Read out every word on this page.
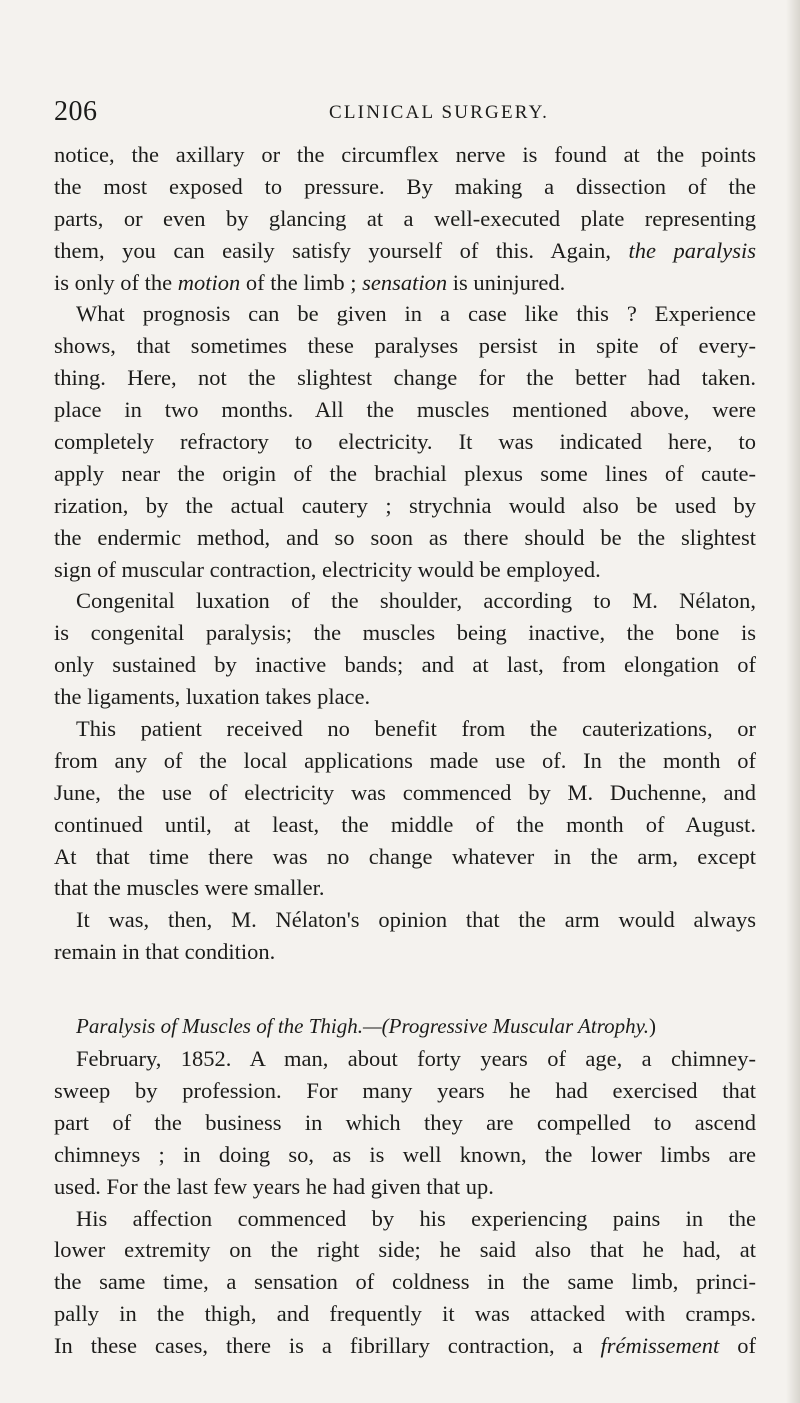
206	CLINICAL SURGERY.
notice, the axillary or the circumflex nerve is found at the points
the most exposed to pressure. By making a dissection of the
parts, or even by glancing at a well-executed plate representing
them, you can easily satisfy yourself of this. Again, the paralysis
is only of the motion of the limb ; sensation is uninjured.
What prognosis can be given in a case like this ? Experience
shows, that sometimes these paralyses persist in spite of every-
thing. Here, not the slightest change for the better had taken.
place in two months. All the muscles mentioned above, were
completely refractory to electricity. It was indicated here, to
apply near the origin of the brachial plexus some lines of caute-
rization, by the actual cautery ; strychnia would also be used by
the endermic method, and so soon as there should be the slightest
sign of muscular contraction, electricity would be employed.
Congenital luxation of the shoulder, according to M. Nélaton,
is congenital paralysis; the muscles being inactive, the bone is
only sustained by inactive bands; and at last, from elongation of
the ligaments, luxation takes place.
This patient received no benefit from the cauterizations, or
from any of the local applications made use of. In the month of
June, the use of electricity was commenced by M. Duchenne, and
continued until, at least, the middle of the month of August.
At that time there was no change whatever in the arm, except
that the muscles were smaller.
It was, then, M. Nélaton's opinion that the arm would always
remain in that condition.
Paralysis of Muscles of the Thigh.—(Progressive Muscular Atrophy.)
February, 1852. A man, about forty years of age, a chimney-
sweep by profession. For many years he had exercised that
part of the business in which they are compelled to ascend
chimneys ; in doing so, as is well known, the lower limbs are
used. For the last few years he had given that up.
His affection commenced by his experiencing pains in the
lower extremity on the right side; he said also that he had, at
the same time, a sensation of coldness in the same limb, princi-
pally in the thigh, and frequently it was attacked with cramps.
In these cases, there is a fibrillary contraction, a frémissement of
